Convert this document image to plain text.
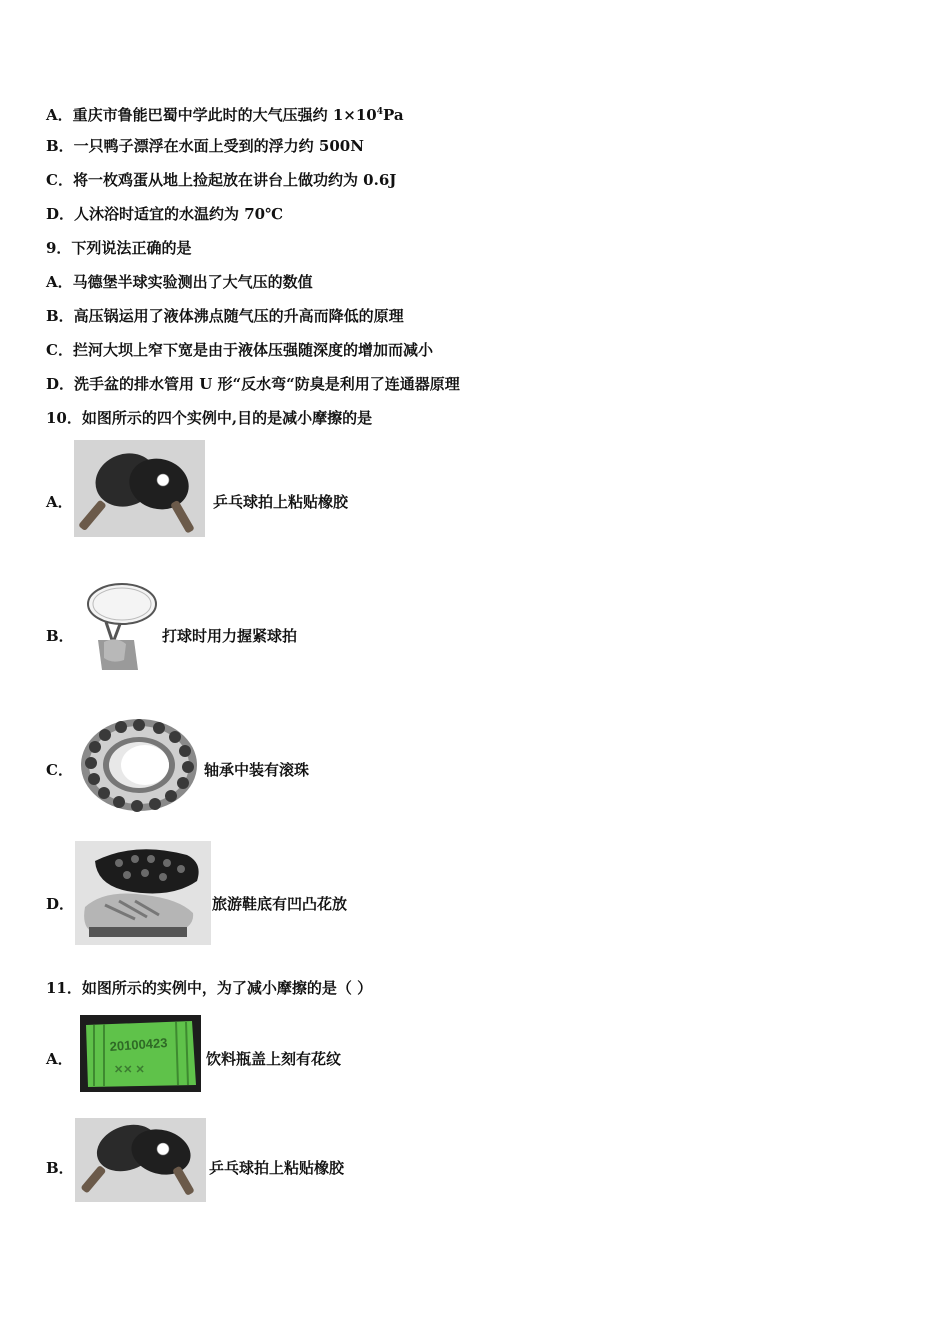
A．重庆市鲁能巴蜀中学此时的大气压强约 $1\times 10^4Pa$
B．一只鸭子漂浮在水面上受到的浮力约 500N
C．将一枚鸡蛋从地上捡起放在讲台上做功约为 0.6J
D．人沐浴时适宜的水温约为 70℃
9．下列说法正确的是
A．马德堡半球实验测出了大气压的数值
B．高压锅运用了液体沸点随气压的升高而降低的原理
C．拦河大坝上窄下宽是由于液体压强随深度的增加而减小
D．洗手盆的排水管用 U 形“反水弯“防臭是利用了连通器原理
10．如图所示的四个实例中,目的是减小摩擦的是
A．	乒乓球拍上粘贴橡胶
B．	打球时用力握紧球拍
C．	轴承中装有滚珠
D．	旅游鞋底有凹凸花放
11．如图所示的实例中，为了减小摩擦的是（ ）
A．
20100423
✕✕ ✕
饮料瓶盖上刻有花纹
B．	乒乓球拍上粘贴橡胶
